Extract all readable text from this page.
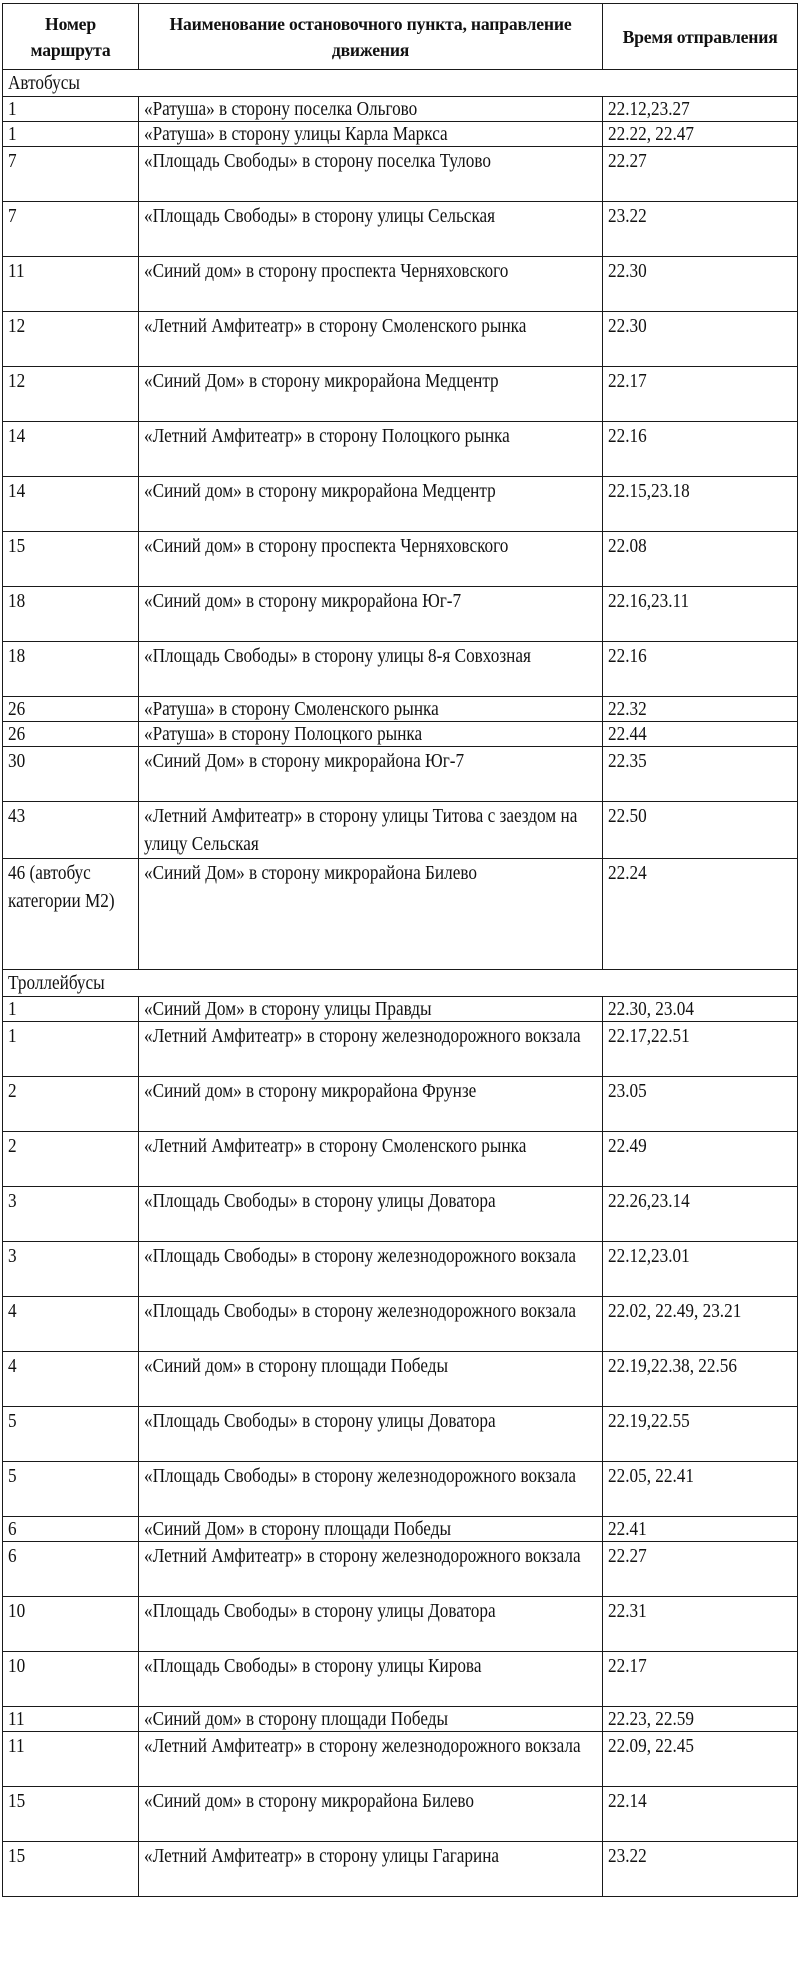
Номер маршрута	Наименование остановочного пункта, направление движения	Время отправления

Автобусы		

1	«Ратуша» в сторону поселка Ольгово	22.12,23.27

1	«Ратуша» в сторону улицы Карла Маркса	22.22, 22.47

7	«Площадь Свободы» в сторону поселка Тулово	22.27

7	«Площадь Свободы» в сторону улицы Сельская	23.22

11	«Синий дом» в сторону проспекта Черняховского	22.30

12	«Летний Амфитеатр» в сторону Смоленского рынка	22.30

12	«Синий Дом» в сторону микрорайона Медцентр	22.17

14	«Летний Амфитеатр» в сторону Полоцкого рынка	22.16

14	«Синий дом» в сторону микрорайона Медцентр	22.15,23.18

15	«Синий дом» в сторону проспекта Черняховского	22.08

18	«Синий дом» в сторону микрорайона Юг-7	22.16,23.11

18	«Площадь Свободы» в сторону улицы 8-я Совхозная	22.16

26	«Ратуша» в сторону Смоленского рынка	22.32

26	«Ратуша» в сторону Полоцкого рынка	22.44

30	«Синий Дом» в сторону микрорайона Юг-7	22.35

43	«Летний Амфитеатр» в сторону улицы Титова с заездом на улицу Сельская	22.50

46 (автобус категории М2)	«Синий Дом» в сторону микрорайона Билево	22.24

Троллейбусы		

1	«Синий Дом» в сторону улицы Правды	22.30, 23.04

1	«Летний Амфитеатр» в сторону железнодорожного вокзала	22.17,22.51

2	«Синий дом» в сторону микрорайона Фрунзе	23.05

2	«Летний Амфитеатр» в сторону Смоленского рынка	22.49

3	«Площадь Свободы» в сторону улицы Доватора	22.26,23.14

3	«Площадь Свободы» в сторону железнодорожного вокзала	22.12,23.01

4	«Площадь Свободы» в сторону железнодорожного вокзала	22.02, 22.49, 23.21

4	«Синий дом» в сторону площади Победы	22.19,22.38, 22.56

5	«Площадь Свободы» в сторону улицы Доватора	22.19,22.55

5	«Площадь Свободы» в сторону железнодорожного вокзала	22.05, 22.41

6	«Синий Дом» в сторону площади Победы	22.41

6	«Летний Амфитеатр» в сторону железнодорожного вокзала	22.27

10	«Площадь Свободы» в сторону улицы Доватора	22.31

10	«Площадь Свободы» в сторону улицы Кирова	22.17

11	«Синий дом» в сторону площади Победы	22.23, 22.59

11	«Летний Амфитеатр» в сторону железнодорожного вокзала	22.09, 22.45

15	«Синий дом» в сторону микрорайона Билево	22.14

15	«Летний Амфитеатр» в сторону улицы Гагарина	23.22
